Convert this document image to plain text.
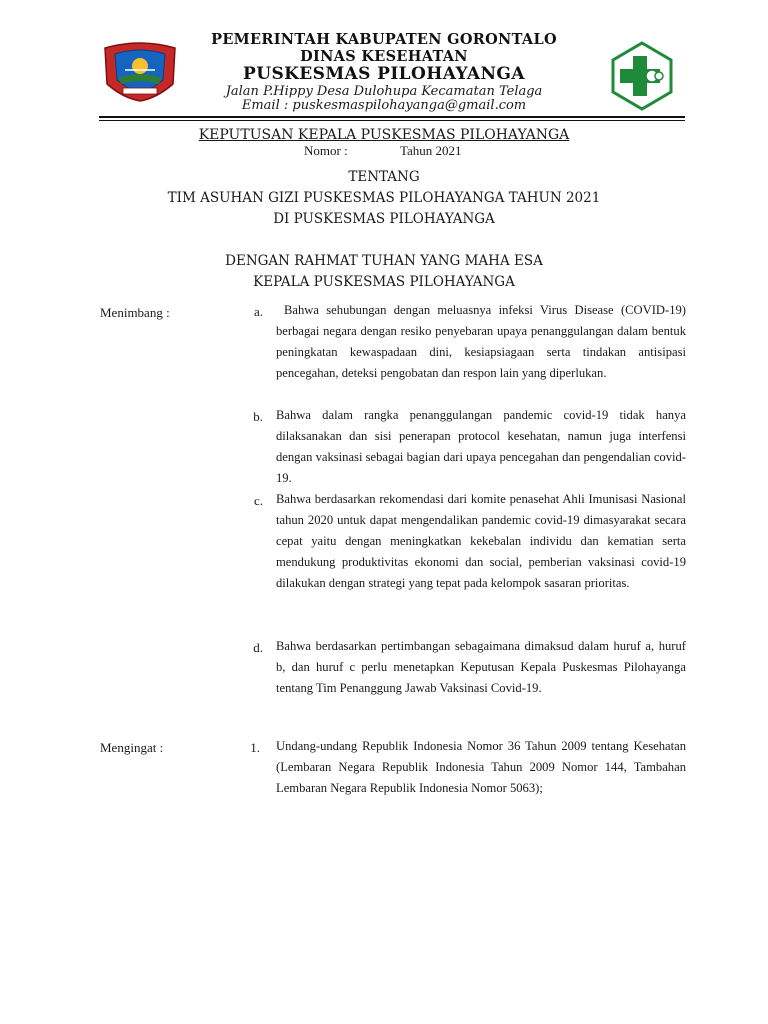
PEMERINTAH KABUPATEN GORONTALO
DINAS KESEHATAN
PUSKESMAS PILOHAYANGA
Jalan P.Hippy Desa Dulohupa Kecamatan Telaga
Email : puskesmaspilohayanga@gmail.com
KEPUTUSAN KEPALA PUSKESMAS PILOHAYANGA
Nomor :	Tahun 2021
TENTANG
TIM ASUHAN GIZI PUSKESMAS PILOHAYANGA TAHUN 2021
DI PUSKESMAS PILOHAYANGA
DENGAN RAHMAT TUHAN YANG MAHA ESA
KEPALA PUSKESMAS PILOHAYANGA
Menimbang :	a.	Bahwa sehubungan dengan meluasnya infeksi Virus Disease (COVID-19) berbagai negara dengan resiko penyebaran upaya penanggulangan dalam bentuk peningkatan kewaspadaan dini, kesiapsiagaan serta tindakan antisipasi pencegahan, deteksi pengobatan dan respon lain yang diperlukan.
b. Bahwa dalam rangka penanggulangan pandemic covid-19 tidak hanya dilaksanakan dan sisi penerapan protocol kesehatan, namun juga interfensi dengan vaksinasi sebagai bagian dari upaya pencegahan dan pengendalian covid-19.
c. Bahwa berdasarkan rekomendasi dari komite penasehat Ahli Imunisasi Nasional tahun 2020 untuk dapat mengendalikan pandemic covid-19 dimasyarakat secara cepat yaitu dengan meningkatkan kekebalan individu dan kematian serta mendukung produktivitas ekonomi dan social, pemberian vaksinasi covid-19 dilakukan dengan strategi yang tepat pada kelompok sasaran prioritas.
d. Bahwa berdasarkan pertimbangan sebagaimana dimaksud dalam huruf a, huruf b, dan huruf c perlu menetapkan Keputusan Kepala Puskesmas Pilohayanga tentang Tim Penanggung Jawab Vaksinasi Covid-19.
Mengingat :	1. Undang-undang Republik Indonesia Nomor 36 Tahun 2009 tentang Kesehatan (Lembaran Negara Republik Indonesia Tahun 2009 Nomor 144, Tambahan Lembaran Negara Republik Indonesia Nomor 5063);
